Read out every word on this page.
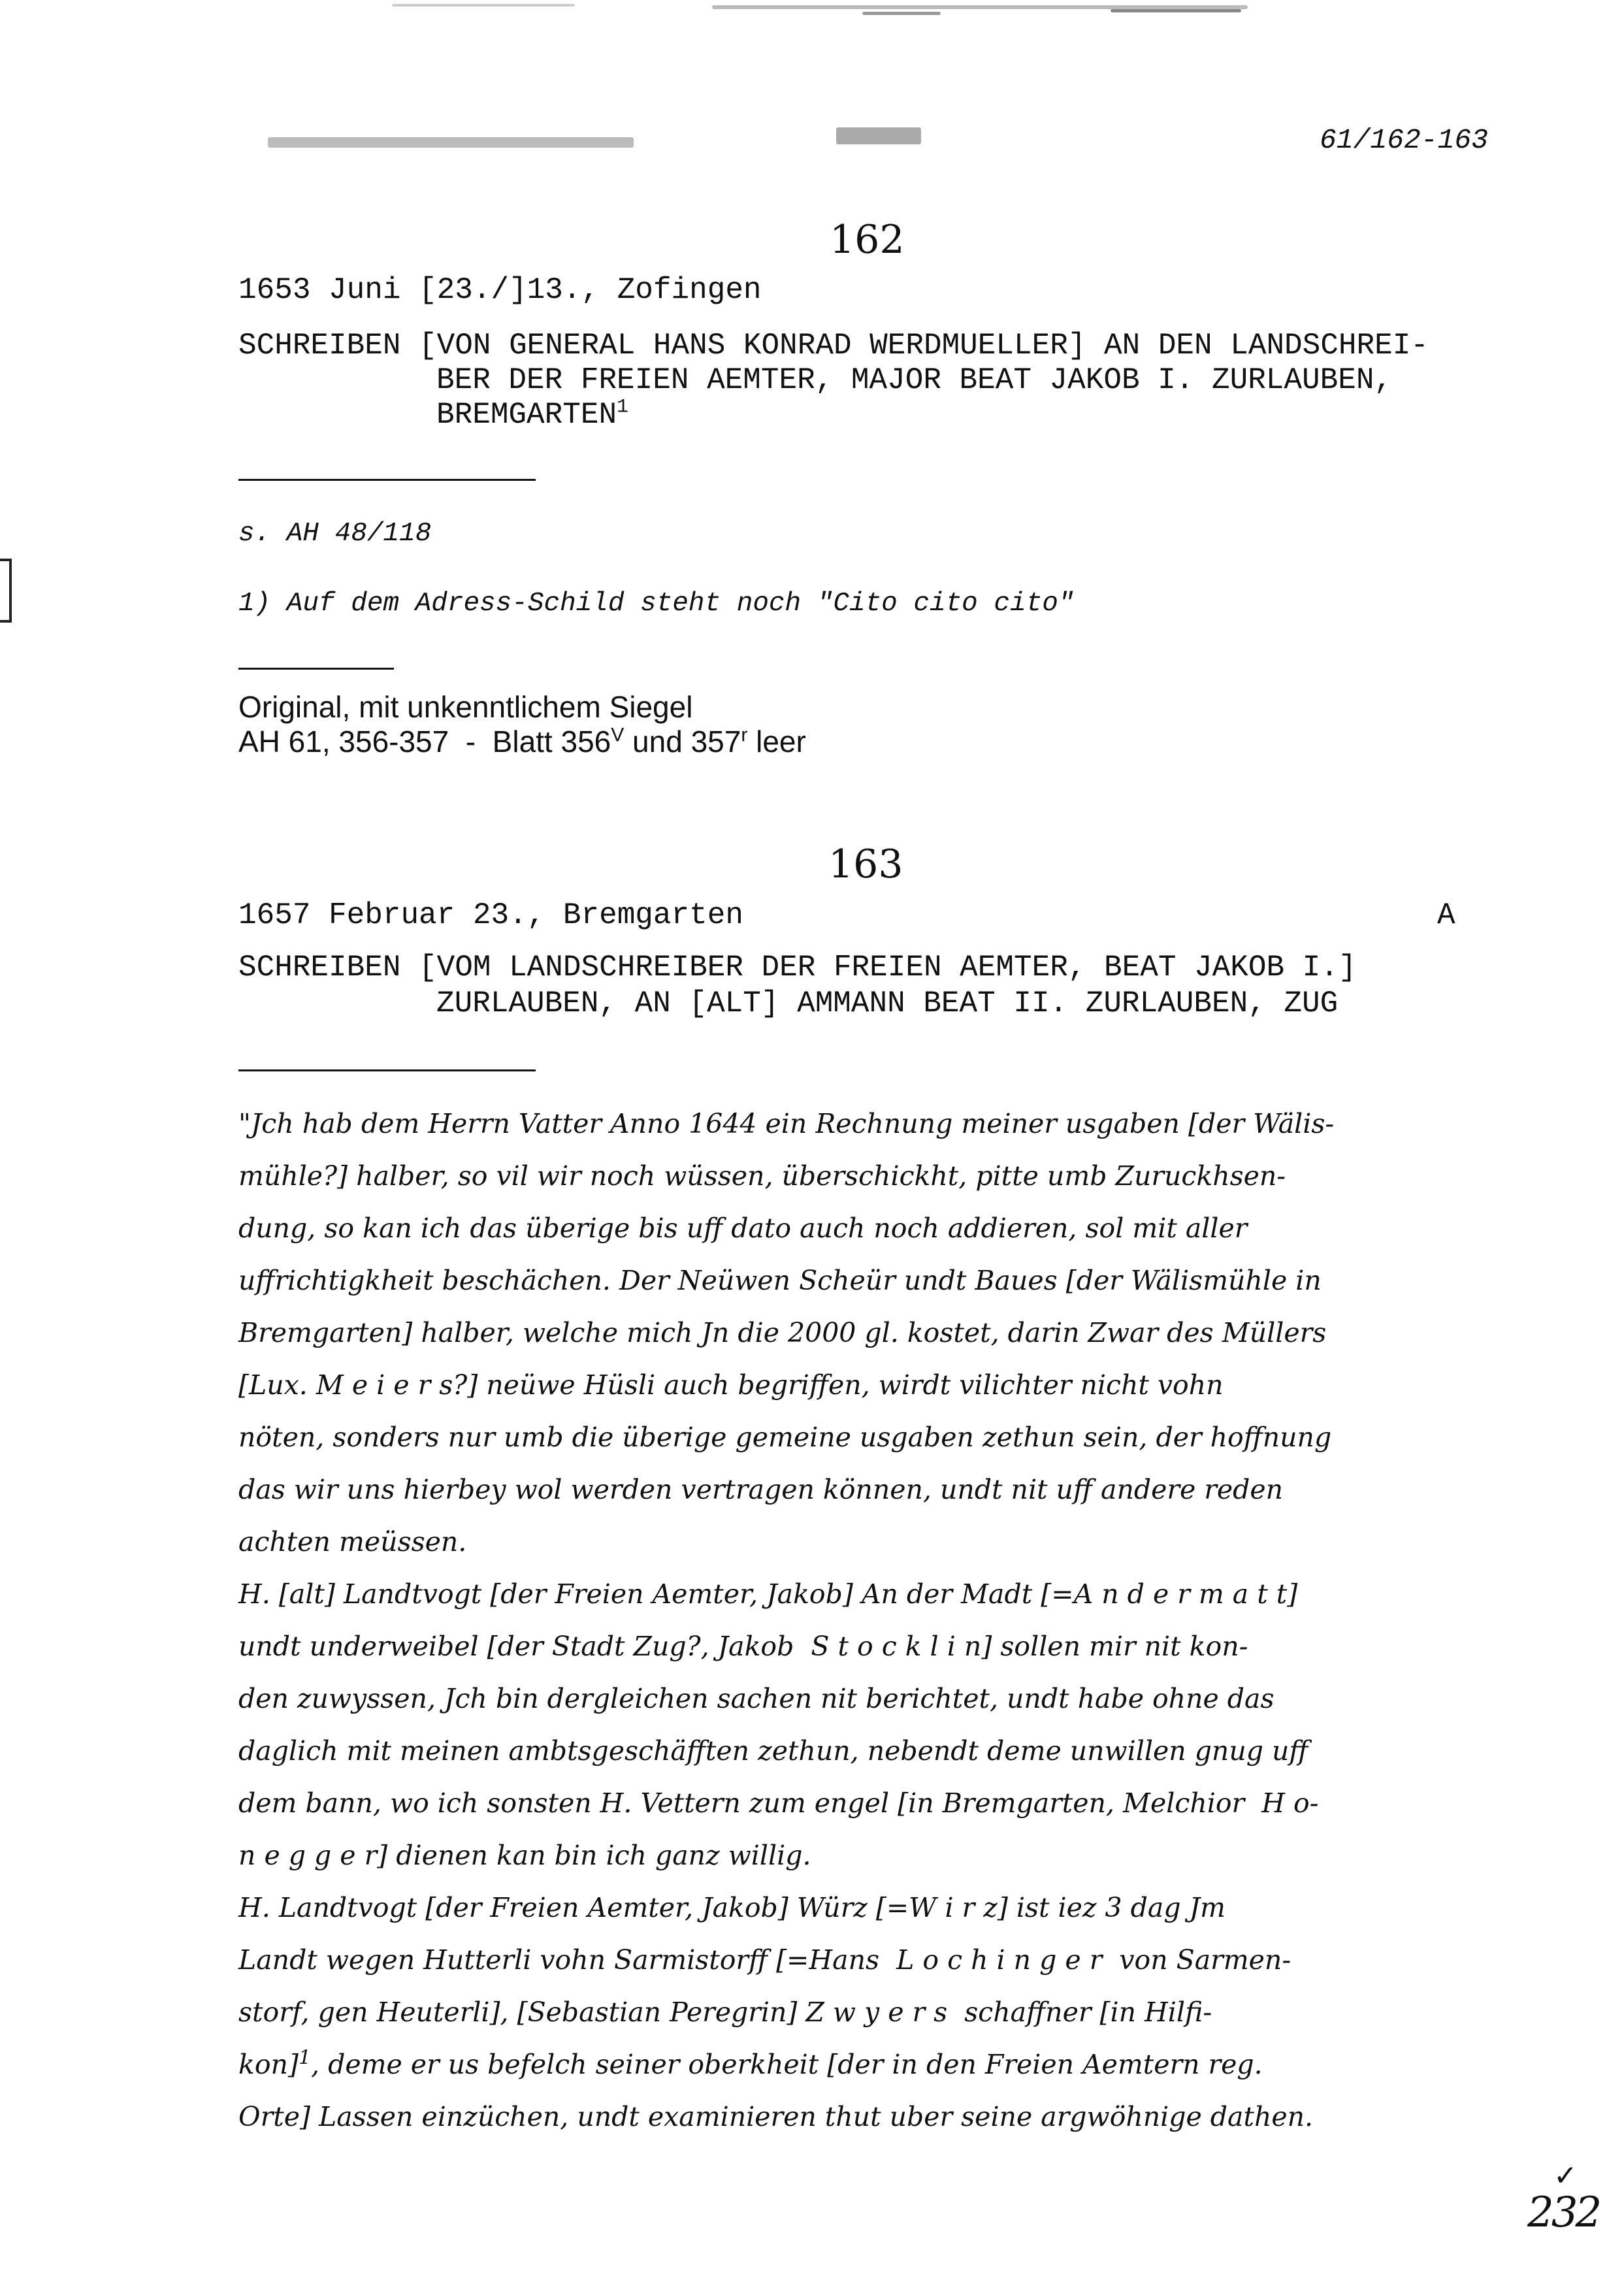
61/162-163
162
1653 Juni [23./]13., Zofingen
SCHREIBEN [VON GENERAL HANS KONRAD WERDMUELLER] AN DEN LANDSCHREI-
BER DER FREIEN AEMTER, MAJOR BEAT JAKOB I. ZURLAUBEN,
BREMGARTEN$^1$
s. AH 48/118
1) Auf dem Adress-Schild steht noch "Cito cito cito"
Original, mit unkenntlichem Siegel
AH 61, 356-357  -  Blatt $356^V$ und 357$^r$ leer
163
1657 Februar 23., Bremgarten	A
SCHREIBEN [VOM LANDSCHREIBER DER FREIEN AEMTER, BEAT JAKOB I.]
ZURLAUBEN, AN [ALT] AMMANN BEAT II. ZURLAUBEN, ZUG
"Jch hab dem Herrn Vatter Anno 1644 ein Rechnung meiner usgaben [der Wälis-
mühle?] halber, so vil wir noch wüssen, überschickht, pitte umb Zuruckhsen-
dung, so kan ich das überige bis uff dato auch noch addieren, sol mit aller
uffrichtigkheit beschächen. Der Neüwen Scheür undt Baues [der Wälismühle in
Bremgarten] halber, welche mich Jn die 2000 gl. kostet, darin Zwar des Müllers
[Lux. M e i e r s?] neüwe Hüsli auch begriffen, wirdt vilichter nicht vohn
nöten, sonders nur umb die überige gemeine usgaben zethun sein, der hoffnung
das wir uns hierbey wol werden vertragen können, undt nit uff andere reden
achten meüssen.
H. [alt] Landtvogt [der Freien Aemter, Jakob] An der Madt [=A n d e r m a t t]
undt underweibel [der Stadt Zug?, Jakob  S t o c k l i n] sollen mir nit kon-
den zuwyssen, Jch bin dergleichen sachen nit berichtet, undt habe ohne das
daglich mit meinen ambtsgeschäfften zethun, nebendt deme unwillen gnug uff
dem bann, wo ich sonsten H. Vettern zum engel [in Bremgarten, Melchior  H o-
n e g g e r] dienen kan bin ich ganz willig.
H. Landtvogt [der Freien Aemter, Jakob] Würz [=W i r z] ist iez 3 dag Jm
Landt wegen Hutterli vohn Sarmistorff [=Hans  L o c h i n g e r  von Sarmen-
storf, gen Heuterli], [Sebastian Peregrin] Z w y e r s  schaffner [in Hilfi-
kon]$^1$, deme er us befelch seiner oberkheit [der in den Freien Aemtern reg.
Orte] Lassen einzüchen, undt examinieren thut uber seine argwöhnige dathen.
✓
232
